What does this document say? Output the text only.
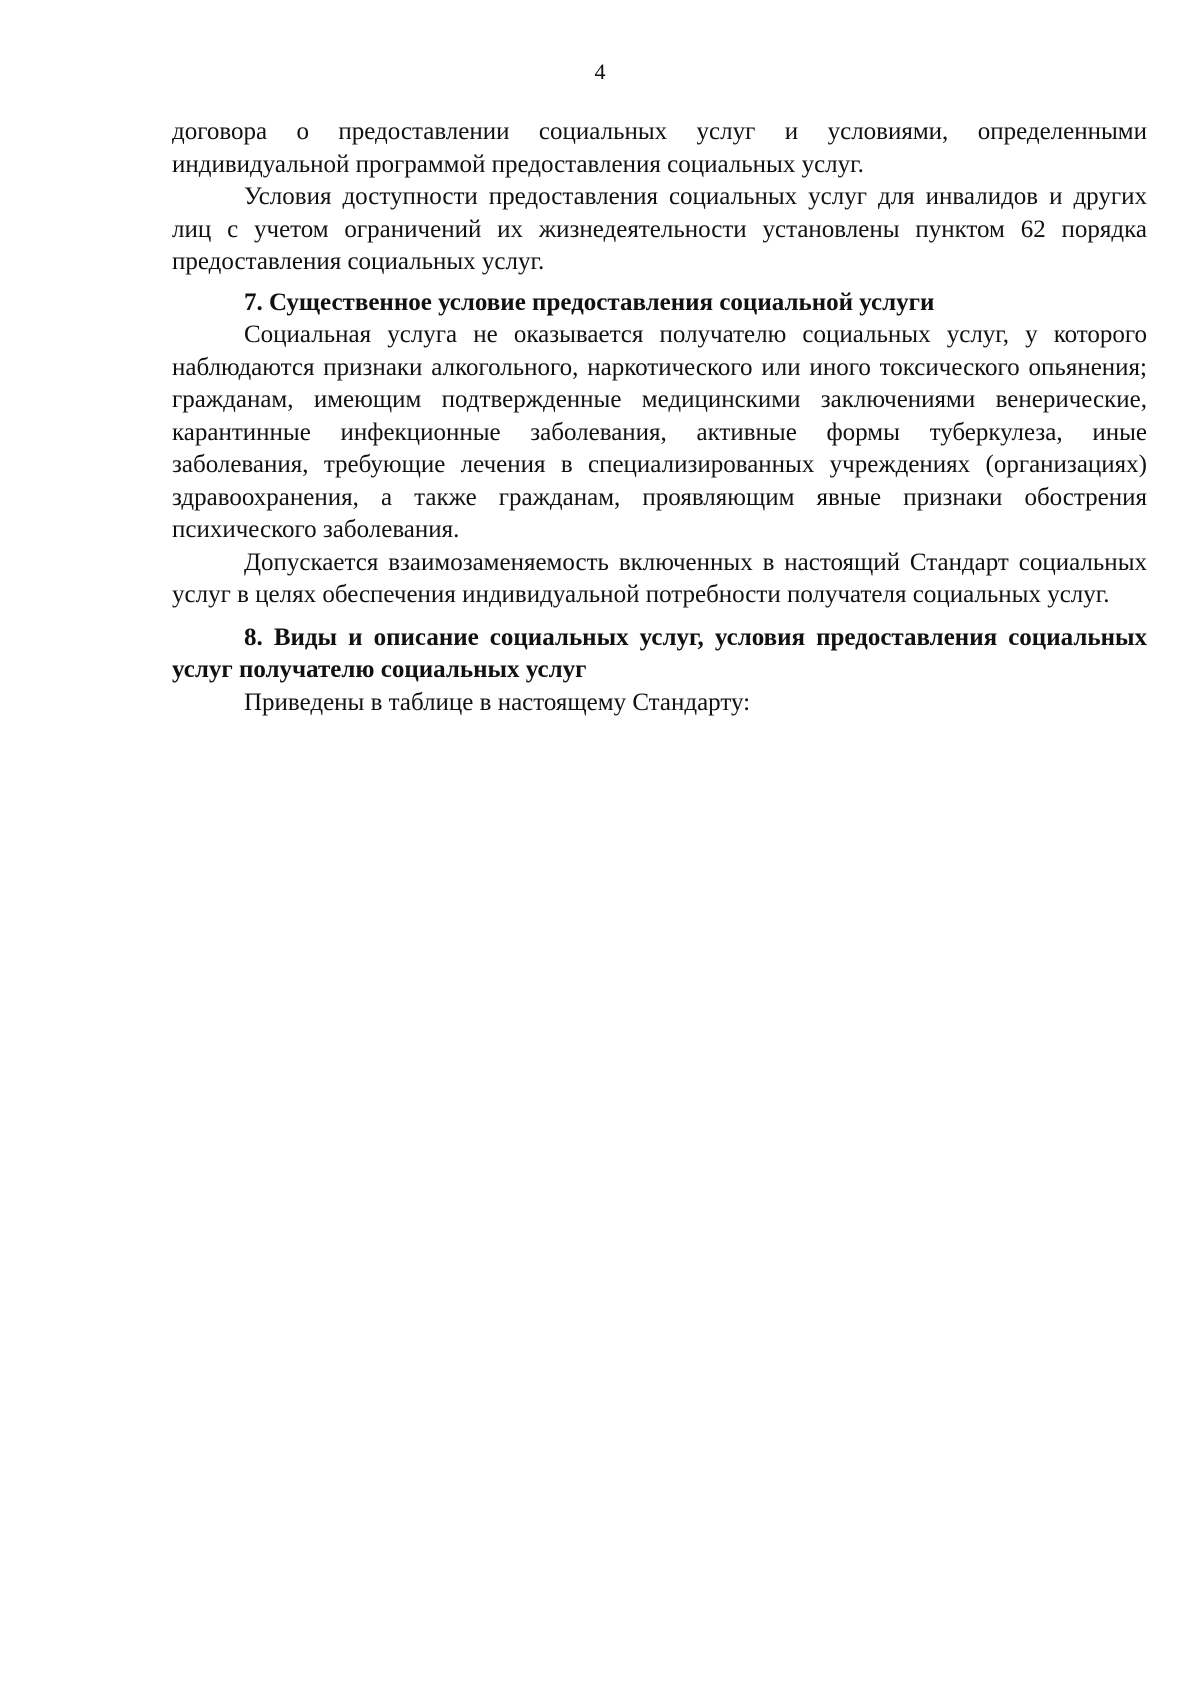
4

договора о предоставлении социальных услуг и условиями, определенными индивидуальной программой предоставления социальных услуг.

Условия доступности предоставления социальных услуг для инвалидов и других лиц с учетом ограничений их жизнедеятельности установлены пунктом 62 порядка предоставления социальных услуг.

7. Существенное условие предоставления социальной услуги

Социальная услуга не оказывается получателю социальных услуг, у которого наблюдаются признаки алкогольного, наркотического или иного токсического опьянения; гражданам, имеющим подтвержденные медицинскими заключениями венерические, карантинные инфекционные заболевания, активные формы туберкулеза, иные заболевания, требующие лечения в специализированных учреждениях (организациях) здравоохранения, а также гражданам, проявляющим явные признаки обострения психического заболевания.

Допускается взаимозаменяемость включенных в настоящий Стандарт социальных услуг в целях обеспечения индивидуальной потребности получателя социальных услуг.

8. Виды и описание социальных услуг, условия предоставления социальных услуг получателю социальных услуг

Приведены в таблице в настоящему Стандарту:
